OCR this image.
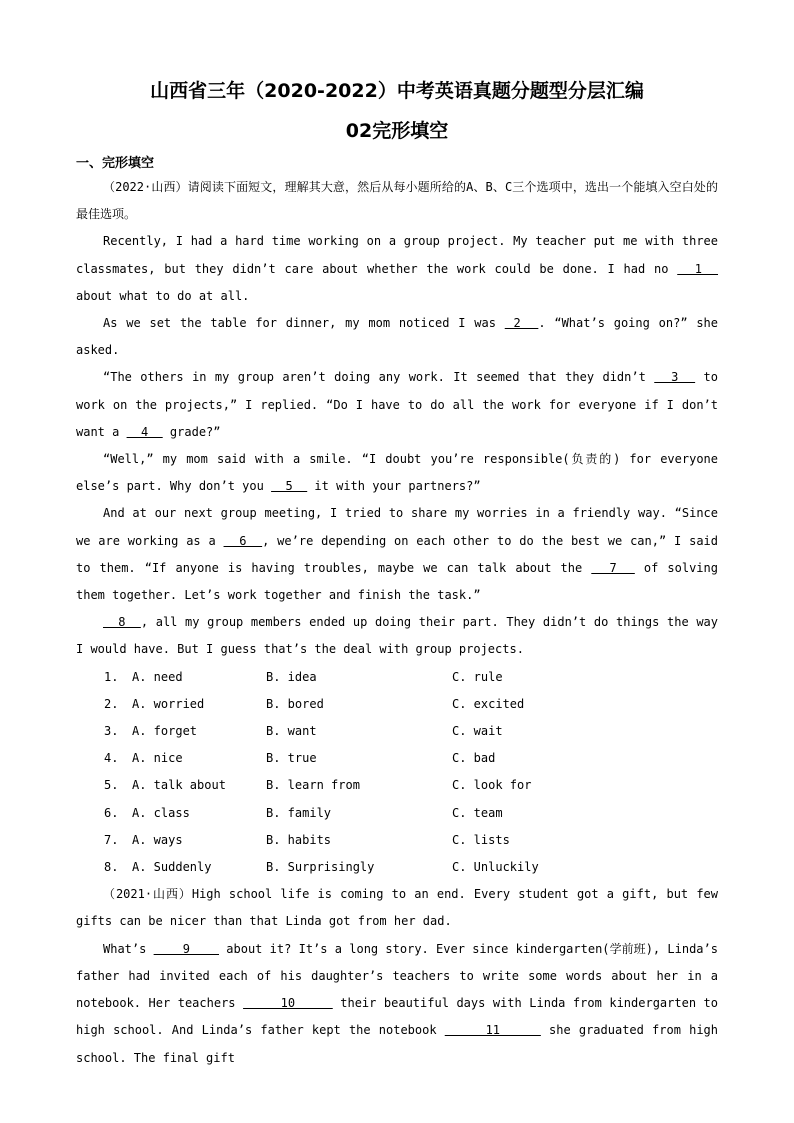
山西省三年（2020-2022）中考英语真题分题型分层汇编
02完形填空
一、完形填空

（2022·山西）请阅读下面短文，理解其大意，然后从每小题所给的A、B、C三个选项中，选出一个能填入空白处的最佳选项。

Recently, I had a hard time working on a group project. My teacher put me with three classmates, but they didn’t care about whether the work could be done. I had no   1   about what to do at all.

As we set the table for dinner, my mom noticed I was  2  . “What’s going on?” she asked.

“The others in my group aren’t doing any work. It seemed that they didn’t   3   to work on the projects,” I replied. “Do I have to do all the work for everyone if I don’t want a   4   grade?”

“Well,” my mom said with a smile. “I doubt you’re responsible(负责的) for everyone else’s part. Why don’t you   5   it with your partners?”

And at our next group meeting, I tried to share my worries in a friendly way. “Since we are working as a   6  , we’re depending on each other to do the best we can,” I said to them. “If anyone is having troubles, maybe we can talk about the   7   of solving them together. Let’s work together and finish the task.”

8  , all my group members ended up doing their part. They didn’t do things the way I would have. But I guess that’s the deal with group projects.

1.	A. need	B. idea	C. rule
2.	A. worried	B. bored	C. excited
3.	A. forget	B. want	C. wait
4.	A. nice	B. true	C. bad
5.	A. talk about	B. learn from	C. look for
6.	A. class	B. family	C. team
7.	A. ways	B. habits	C. lists
8.	A. Suddenly	B. Surprisingly	C. Unluckily

（2021·山西）High school life is coming to an end. Every student got a gift, but few gifts can be nicer than that Linda got from her dad.

What’s     9     about it? It’s a long story. Ever since kindergarten(学前班), Linda’s father had invited each of his daughter’s teachers to write some words about her in a notebook. Her teachers      10      their beautiful days with Linda from kindergarten to high school. And Linda’s father kept the notebook      11      she graduated from high school. The final gift
